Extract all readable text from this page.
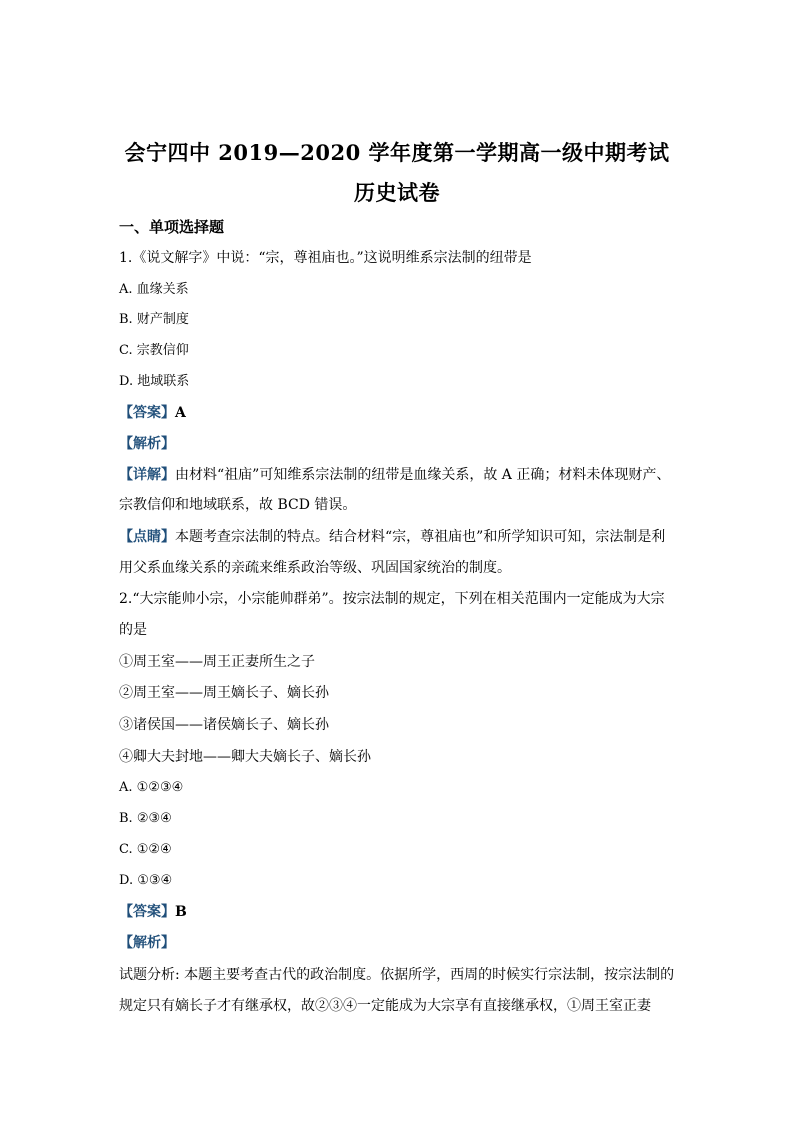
会宁四中 2019—2020 学年度第一学期高一级中期考试
历史试卷
一、单项选择题
1.《说文解字》中说：“宗，尊祖庙也。”这说明维系宗法制的纽带是
A. 血缘关系
B. 财产制度
C. 宗教信仰
D. 地域联系
【答案】A
【解析】
【详解】由材料“祖庙”可知维系宗法制的纽带是血缘关系，故 A 正确；材料未体现财产、
宗教信仰和地域联系，故 BCD 错误。
【点睛】本题考查宗法制的特点。结合材料“宗，尊祖庙也”和所学知识可知，宗法制是利
用父系血缘关系的亲疏来维系政治等级、巩固国家统治的制度。
2.“大宗能帅小宗，小宗能帅群弟”。按宗法制的规定，下列在相关范围内一定能成为大宗
的是
①周王室——周王正妻所生之子
②周王室——周王嫡长子、嫡长孙
③诸侯国——诸侯嫡长子、嫡长孙
④卿大夫封地——卿大夫嫡长子、嫡长孙
A. ①②③④
B. ②③④
C. ①②④
D. ①③④
【答案】B
【解析】
试题分析: 本题主要考查古代的政治制度。依据所学，西周的时候实行宗法制，按宗法制的
规定只有嫡长子才有继承权，故②③④一定能成为大宗享有直接继承权，①周王室正妻
